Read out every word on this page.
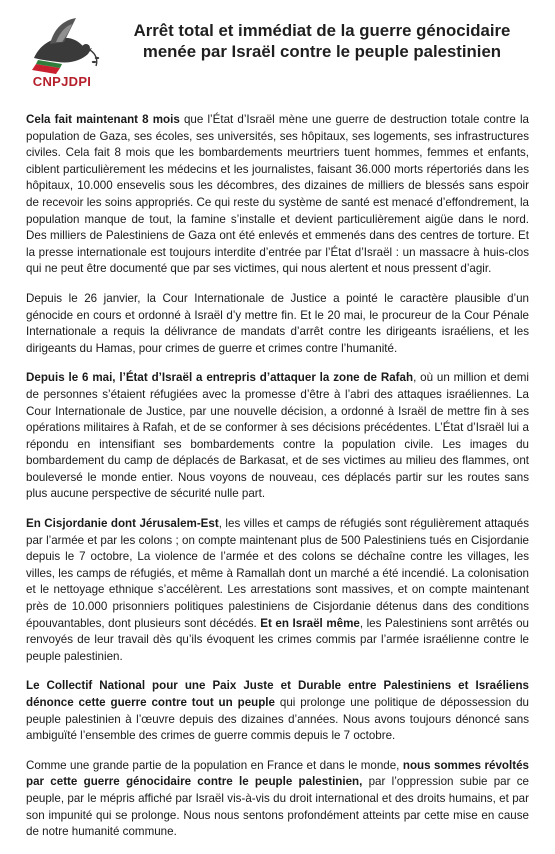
CNPJDPI
Arrêt total et immédiat de la guerre génocidaire menée par Israël contre le peuple palestinien

Cela fait maintenant 8 mois que l’État d’Israël mène une guerre de destruction totale contre la population de Gaza, ses écoles, ses universités, ses hôpitaux, ses logements, ses infrastructures civiles. Cela fait 8 mois que les bombardements meurtriers tuent hommes, femmes et enfants, ciblent particulièrement les médecins et les journalistes, faisant 36.000 morts répertoriés dans les hôpitaux, 10.000 ensevelis sous les décombres, des dizaines de milliers de blessés sans espoir de recevoir les soins appropriés. Ce qui reste du système de santé est menacé d’effondrement, la population manque de tout, la famine s’installe et devient particulièrement aigüe dans le nord. Des milliers de Palestiniens de Gaza ont été enlevés et emmenés dans des centres de torture. Et la presse internationale est toujours interdite d’entrée par l’État d’Israël : un massacre à huis-clos qui ne peut être documenté que par ses victimes, qui nous alertent et nous pressent d’agir.

Depuis le 26 janvier, la Cour Internationale de Justice a pointé le caractère plausible d’un génocide en cours et ordonné à Israël d’y mettre fin. Et le 20 mai, le procureur de la Cour Pénale Internationale a requis la délivrance de mandats d’arrêt contre les dirigeants israéliens, et les dirigeants du Hamas, pour crimes de guerre et crimes contre l’humanité.

Depuis le 6 mai, l’État d’Israël a entrepris d’attaquer la zone de Rafah, où un million et demi de personnes s’étaient réfugiées avec la promesse d’être à l’abri des attaques israéliennes. La Cour Internationale de Justice, par une nouvelle décision, a ordonné à Israël de mettre fin à ses opérations militaires à Rafah, et de se conformer à ses décisions précédentes. L’État d’Israël lui a répondu en intensifiant ses bombardements contre la population civile. Les images du bombardement du camp de déplacés de Barkasat, et de ses victimes au milieu des flammes, ont bouleversé le monde entier. Nous voyons de nouveau, ces déplacés partir sur les routes sans plus aucune perspective de sécurité nulle part.

En Cisjordanie dont Jérusalem-Est, les villes et camps de réfugiés sont régulièrement attaqués par l’armée et par les colons ; on compte maintenant plus de 500 Palestiniens tués en Cisjordanie depuis le 7 octobre, La violence de l’armée et des colons se déchaîne contre les villages, les villes, les camps de réfugiés, et même à Ramallah dont un marché a été incendié. La colonisation et le nettoyage ethnique s’accélèrent. Les arrestations sont massives, et on compte maintenant près de 10.000 prisonniers politiques palestiniens de Cisjordanie détenus dans des conditions épouvantables, dont plusieurs sont décédés. Et en Israël même, les Palestiniens sont arrêtés ou renvoyés de leur travail dès qu’ils évoquent les crimes commis par l’armée israélienne contre le peuple palestinien.

Le Collectif National pour une Paix Juste et Durable entre Palestiniens et Israéliens dénonce cette guerre contre tout un peuple qui prolonge une politique de dépossession du peuple palestinien à l’œuvre depuis des dizaines d’années. Nous avons toujours dénoncé sans ambiguïté l’ensemble des crimes de guerre commis depuis le 7 octobre.

Comme une grande partie de la population en France et dans le monde, nous sommes révoltés par cette guerre génocidaire contre le peuple palestinien, par l’oppression subie par ce peuple, par le mépris affiché par Israël vis-à-vis du droit international et des droits humains, et par son impunité qui se prolonge. Nous nous sentons profondément atteints par cette mise en cause de notre humanité commune.
